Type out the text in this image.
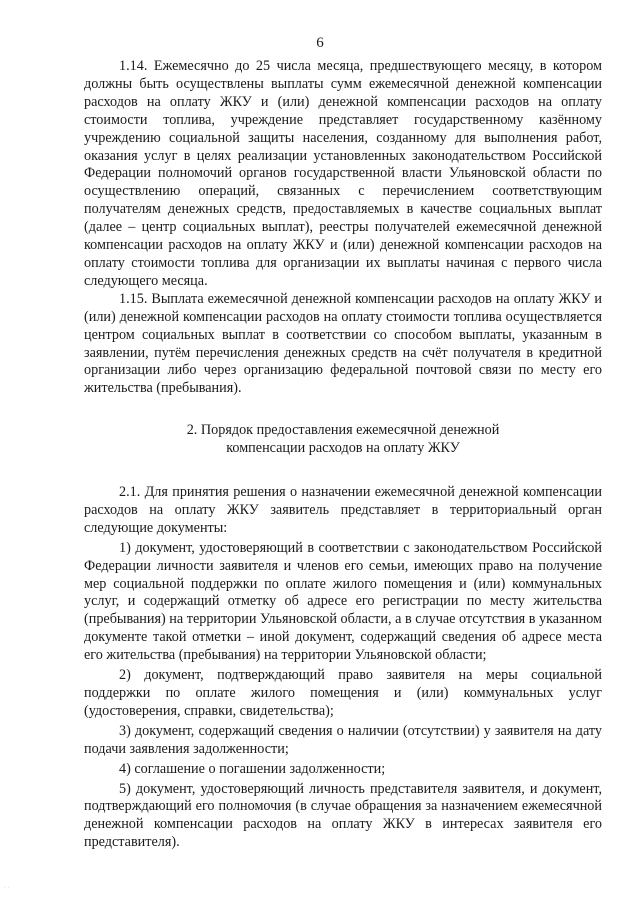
6

1.14. Ежемесячно до 25 числа месяца, предшествующего месяцу, в котором должны быть осуществлены выплаты сумм ежемесячной денежной компенсации расходов на оплату ЖКУ и (или) денежной компенсации расходов на оплату стоимости топлива, учреждение представляет государственному казённому учреждению социальной защиты населения, созданному для выполнения работ, оказания услуг в целях реализации установленных законодательством Российской Федерации полномочий органов государственной власти Ульяновской области по осуществлению операций, связанных с перечислением соответствующим получателям денежных средств, предоставляемых в качестве социальных выплат (далее – центр социальных выплат), реестры получателей ежемесячной денежной компенсации расходов на оплату ЖКУ и (или) денежной компенсации расходов на оплату стоимости топлива для организации их выплаты начиная с первого числа следующего месяца.

1.15. Выплата ежемесячной денежной компенсации расходов на оплату ЖКУ и (или) денежной компенсации расходов на оплату стоимости топлива осуществляется центром социальных выплат в соответствии со способом выплаты, указанным в заявлении, путём перечисления денежных средств на счёт получателя в кредитной организации либо через организацию федеральной почтовой связи по месту его жительства (пребывания).

2. Порядок предоставления ежемесячной денежной
компенсации расходов на оплату ЖКУ

2.1. Для принятия решения о назначении ежемесячной денежной компенсации расходов на оплату ЖКУ заявитель представляет в территориальный орган следующие документы:

1) документ, удостоверяющий в соответствии с законодательством Российской Федерации личности заявителя и членов его семьи, имеющих право на получение мер социальной поддержки по оплате жилого помещения и (или) коммунальных услуг, и содержащий отметку об адресе его регистрации по месту жительства (пребывания) на территории Ульяновской области, а в случае отсутствия в указанном документе такой отметки – иной документ, содержащий сведения об адресе места его жительства (пребывания) на территории Ульяновской области;

2) документ, подтверждающий право заявителя на меры социальной поддержки по оплате жилого помещения и (или) коммунальных услуг (удостоверения, справки, свидетельства);

3) документ, содержащий сведения о наличии (отсутствии) у заявителя на дату подачи заявления задолженности;

4) соглашение о погашении задолженности;

5) документ, удостоверяющий личность представителя заявителя, и документ, подтверждающий его полномочия (в случае обращения за назначением ежемесячной денежной компенсации расходов на оплату ЖКУ в интересах заявителя его представителя).

· ·
